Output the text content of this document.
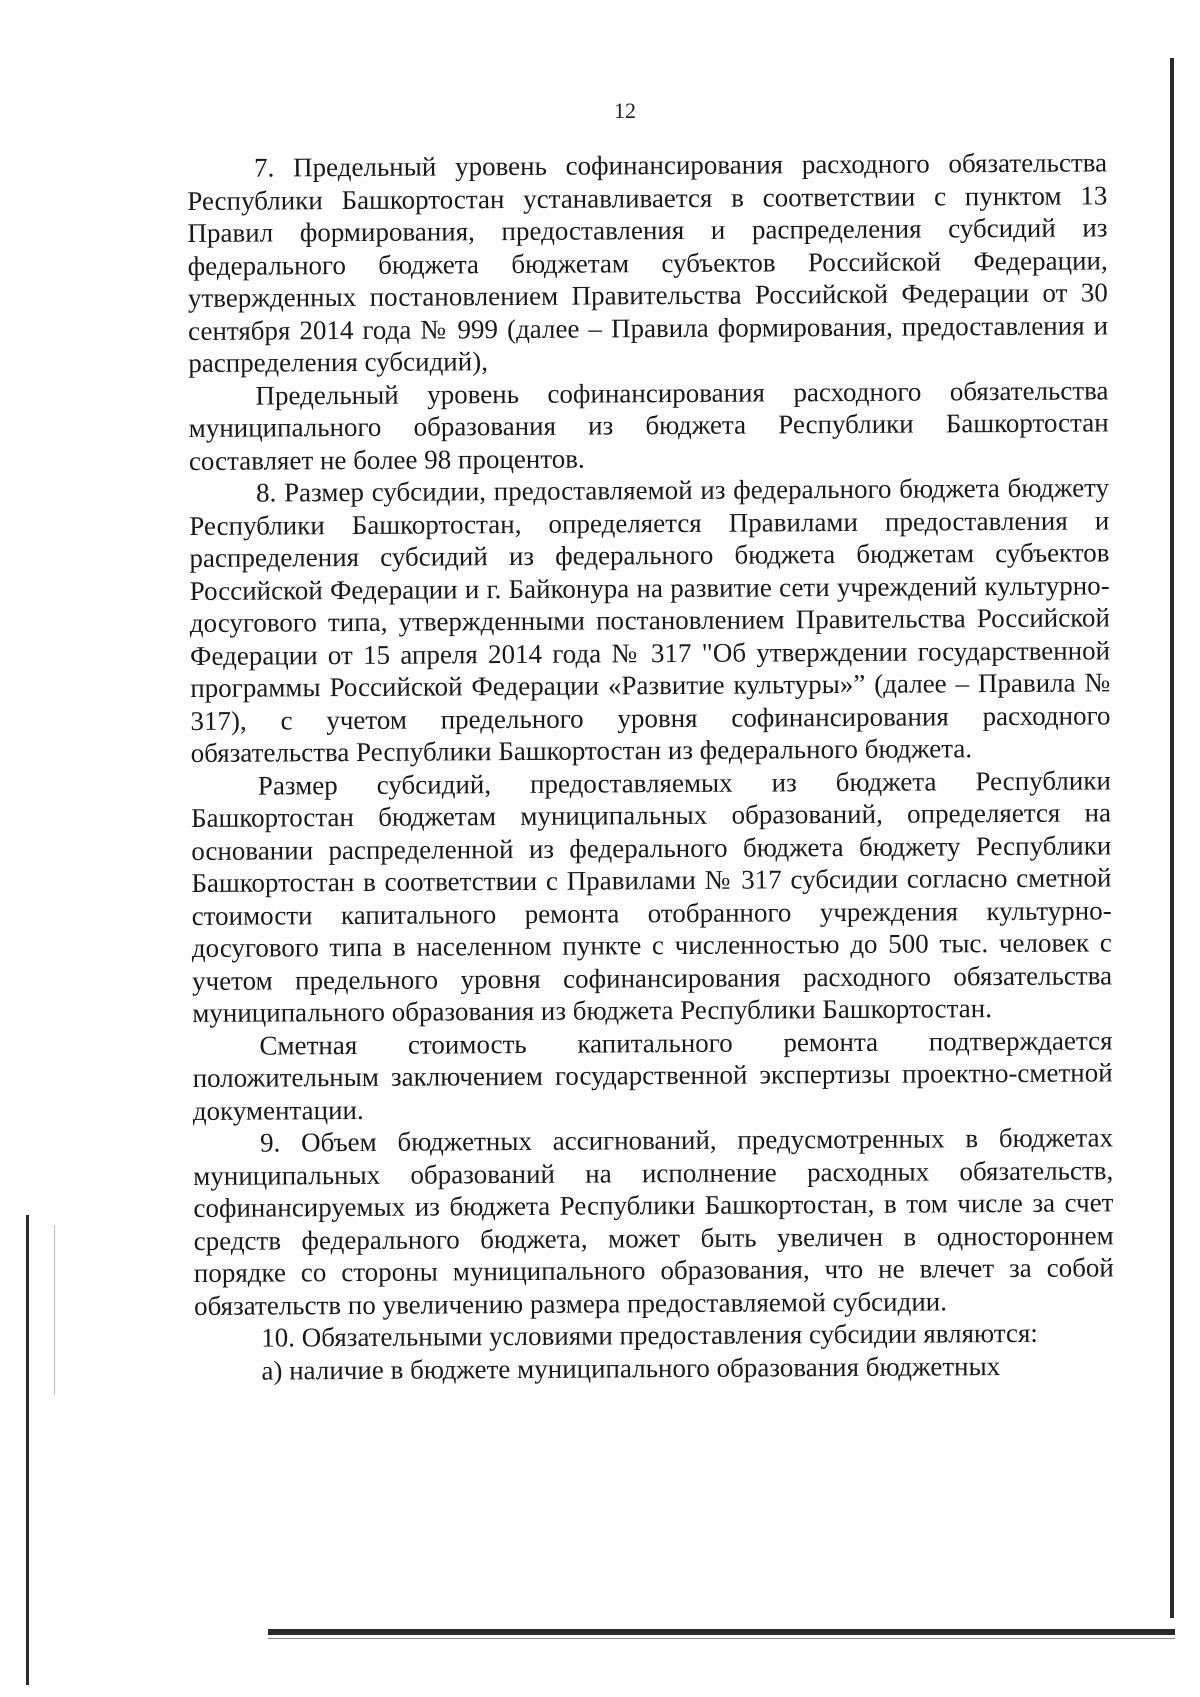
12

7. Предельный уровень софинансирования расходного обязательства Республики Башкортостан устанавливается в соответствии с пунктом 13 Правил формирования, предоставления и распределения субсидий из федерального бюджета бюджетам субъектов Российской Федерации, утвержденных постановлением Правительства Российской Федерации от 30 сентября 2014 года № 999 (далее – Правила формирования, предоставления и распределения субсидий),

Предельный уровень софинансирования расходного обязательства муниципального образования из бюджета Республики Башкортостан составляет не более 98 процентов.

8. Размер субсидии, предоставляемой из федерального бюджета бюджету Республики Башкортостан, определяется Правилами предоставления и распределения субсидий из федерального бюджета бюджетам субъектов Российской Федерации и г. Байконура на развитие сети учреждений культурно-досугового типа, утвержденными постановлением Правительства Российской Федерации от 15 апреля 2014 года № 317 "Об утверждении государственной программы Российской Федерации «Развитие культуры»” (далее – Правила № 317), с учетом предельного уровня софинансирования расходного обязательства Республики Башкортостан из федерального бюджета.

Размер субсидий, предоставляемых из бюджета Республики Башкортостан бюджетам муниципальных образований, определяется на основании распределенной из федерального бюджета бюджету Республики Башкортостан в соответствии с Правилами № 317 субсидии согласно сметной стоимости капитального ремонта отобранного учреждения культурно-досугового типа в населенном пункте с численностью до 500 тыс. человек с учетом предельного уровня софинансирования расходного обязательства муниципального образования из бюджета Республики Башкортостан.

Сметная стоимость капитального ремонта подтверждается положительным заключением государственной экспертизы проектно-сметной документации.

9. Объем бюджетных ассигнований, предусмотренных в бюджетах муниципальных образований на исполнение расходных обязательств, софинансируемых из бюджета Республики Башкортостан, в том числе за счет средств федерального бюджета, может быть увеличен в одностороннем порядке со стороны муниципального образования, что не влечет за собой обязательств по увеличению размера предоставляемой субсидии.

10. Обязательными условиями предоставления субсидии являются:

а) наличие в бюджете муниципального образования бюджетных
